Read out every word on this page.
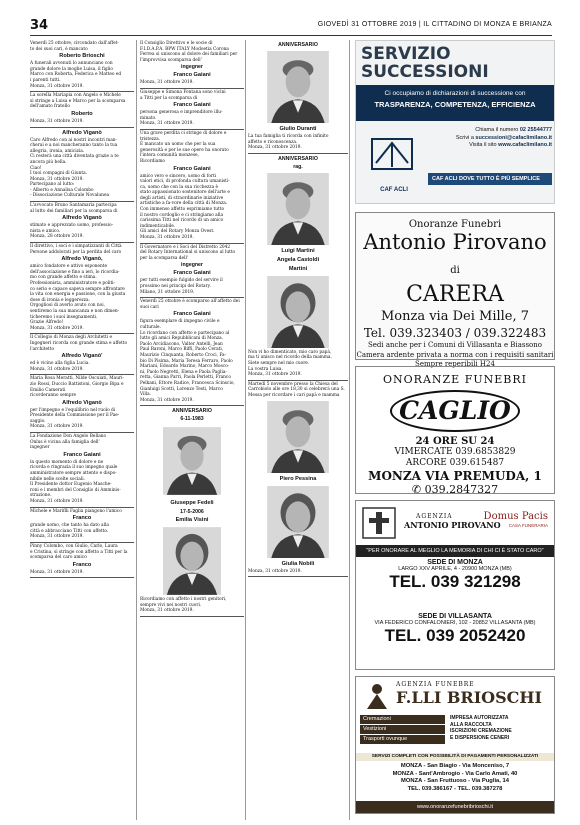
34	GIOVEDÌ 31 OTTOBRE 2019 | IL CITTADINO DI MONZA E BRIANZA
Venerdì 25 ottobre, circondato dall'affet-
to dei suoi cari, è mancato
Roberto Brioschi
A funerali avvenuti lo annunciano con
grande dolore la moglie Luisa, il figlio
Marco con Roberta, Federica e Matteo ed
i parenti tutti.
Monza, 31 ottobre 2019.
La sorella Mariapia con Angelo e Michele
si stringe a Luisa e Marco per la scomparsa
dell'amato fratello
Roberto
Monza, 31 ottobre 2019.
Alfredo Viganò
Caro Alfredo con ai nostri incontri man-
cherai e a noi mancheranno tanto la tua
allegria, ironia, amicizia.
Ci resterà una città diventata grazie a te
ancora più bella.
Ciao!
I tuoi compagni di Giunta.
Monza, 31 ottobre 2019.
Partecipano al lutto:
- Alberto e Annalisa Colombo
- Dissociazione Culturale Novalunea
L'avvocato Bruno Santamaria partecipa
al lutto dei familiari per la scomparsa di
Alfredo Viganò
stimato e apprezzato uomo, professio-
nista e amico.
Monza, 28 ottobre 2019.
Il direttivo, i soci e i simpatizzanti di Città
Persone addolorati per la perdita del caro
Alfredo Viganò,
amico fondatore e attivo esponente
dell'associazione e fino a ieri, lo ricordia-
mo con grande affetto e stima.
Professionista, amministratore e politi-
co serio e capace sapeva sempre affrontare
la vita con energia e passione, con la giusta
dose di ironia e leggerezza.
Orgogliosi di averlo avuto con noi,
sentiremo la sua mancanza e non dimen-
ticheremo i suoi insegnamenti.
Grazie Alfredo!
Monza, 31 ottobre 2019.
Il Collegio di Monza degli Architetti e
Ingegneri ricorda con grande stima e affetto
l'architetto
Alfredo Viganò'
ed è vicino alla figlia Lucia.
Monza, 31 ottobre 2019.
Maria Rosa Meratti, Nilde Oscuiati, Mauri-
zio Rossi, Duccio Battistoni, Giorgio Bipa e
Emilio Camerati
ricorderanno sempre
Alfredo Viganò
per l'impegno e l'equilibrio nel ruolo di
Presidente della Commissione per il Pae-
saggio.
Monza, 31 ottobre 2019.
La Fondazione Don Angelo Bellano
Onlus è vicina alla famiglia dell'
ingegner
Franco Gaiani
in questo momento di dolore e ne
ricorda e ringrazia il suo impegno quale
amministratore sempre attento e dispo-
nibile nelle scelte sociali.
Il Presidente dottor Eugenio Masche-
roni e i membri del Consiglio di Amminis-
strazione.
Monza, 31 ottobre 2019.
Michele e Mariflli Faglia piangono l'amico
Franco
grande uomo, che tanto ha dato alla
città e abbracciano Titti con affetto.
Monza, 31 ottobre 2019.
Pinny Colombo, con Giulio, Carlo, Laura
e Cristina, si stringe con affetto a Titti per la
scomparsa del caro amico
Franco
Monza, 31 ottobre 2019.
Il Consiglio Direttivo e le socie di
F.I.D.A.P.A. BPW ITALY Modoetia Corona
Ferrea si uniscono al dolore dei familiari per
l'improvvisa scomparsa dell'
ingegner
Franco Gaiani
Monza, 31 ottobre 2019.
Giuseppe e Simona Fontana sono vicini
a Titti per la scomparsa di
Franco Gaiani
persona generosa e imprenditore illu-
minato.
Monza, 31 ottobre 2019.
Una grave perdita ci stringe di dolore e
tristezza.
È mancato un uomo che per la sua
generosità e per le sue opere ha onorato
l'intera comunità monzese,
Ricordiamo
Franco Gaiani
amico vero e sincero, uomo di forti
valori etici, di profonda cultura umanisti-
ca, uomo che con la sua ricchezza è
stato appassionato sostenitore dell'arte e
degli artisti, di straordinarie iniziative
artistiche a fa-vore della città di Monza.
Con immenso affetto esprimiamo tutto
il nostro cordoglio e ci stringiamo alla
carissima Titti nel ricordo di un amico
indimenticabile.
Gli amici del Rotary Monza Ovest.
Monza, 31 ottobre 2019.
Il Governatore e i Soci del Distretto 2042
del Rotary International si uniscono al lutto
per la scomparsa dell'
ingegner
Franco Gaiani
per tutti esempio fulgido del servire il
prossimo nei principi del Rotary.
Milano, 31 ottobre 2019.
Venerdì 25 ottobre è scomparso all'affetto dei
suoi cari
Franco Gaiani
figura esemplare di impegno civile e
culturale.
Lo ricordano con affetto e partecipano al
lutto gli amici Repubblicani di Monza.
Paolo Arcidiacono, Valter Antelli, Jean
Paul Baroni, Marco Biffi, Paolo Cerati,
Maurizio Cinquanta, Roberto Croci, Fa-
bio Di Pisima, Maria Teresa Ferraro, Paolo
Mariani, Edoardo Marino, Marco Mosco-
ni, Paolo Negretti, Elena e Paola Paglia-
retta, Gianna Parri, Paola Perletti, Franco
Pelkani, Ettore Radice, Francesca Scinscio,
Gianluigi Scotti, Lorenzo Testi, Marco
Villa.
Monza, 31 ottobre 2019.
ANNIVERSARIO
6-11-1983
Giuseppe Fedeli
17-5-2006
Emilia Visini
Ricordiamo con affetto i nostri genitori,
sempre vivi nei nostri cuori.
Monza, 31 ottobre 2019.
ANNIVERSARIO
Giulio Duranti
La tua famiglia ti ricorda con infinito
affetto e riconoscenza.
Monza, 31 ottobre 2019.
ANNIVERSARIO
rag.
Luigi Martini
Angela Castoldi
Martini
Non vi ho dimenticato, mio caro papà,
ma ti unisco nel ricordo della mamma.
Siete sempre nel mio cuore.
La vostra Luisa.
Monza, 31 ottobre 2019.
Martedì 5 novembre presso la Chiesa del
Carrobiolo alle ore 18,30 si celebrerà una S.
Messa per ricordare i cari papà e mamma
Piero Pessina
Giulia Nobili
Monza, 31 ottobre 2019.
SERVIZIO
SUCCESSIONI
Ci occupiamo di dichiarazioni di successione con
TRASPARENZA, COMPETENZA, EFFICIENZA
CAF ACLI
Chiama il numero 02 25544777
Scrivi a successioni@cafaclimilano.it
Visita il sito www.cafaclimilano.it
CAF ACLI DOVE TUTTO È PIÙ SEMPLICE
Onoranze Funebri
Antonio Pirovano di
CARERA
Monza via Dei Mille, 7
Tel. 039.323403 / 039.322483
Sedi anche per i Comuni di Villasanta e Biassono
Camera ardente privata a norma con i requisiti sanitari
Sempre reperibili H24
ONORANZE FUNEBRI
CAGLIO
24 ORE SU 24
VIMERCATE 039.6853829
ARCORE 039.615487
MONZA VIA PREMUDA, 1
✆ 039.2847327
AGENZIA
ANTONIO PIROVANO
Domus Pacis
CASA FUNERARIA
"PER ONORARE AL MEGLIO LA MEMORIA DI CHI CI È STATO CARO"
SEDE DI MONZA
LARGO XXV APRILE, 4 - 20900 MONZA (MB)
TEL. 039 321298
SEDE DI VILLASANTA
VIA FEDERICO CONFALONIERI, 102 - 20852 VILLASANTA (MB)
TEL. 039 2052420
AGENZIA FUNEBRE
F.LLI BRIOSCHI
Cremazioni
Vestizioni
Trasporti ovunque
IMPRESA AUTORIZZATA
ALLA RACCOLTA
ISCRIZIONI CREMAZIONE
E DISPERSIONE CENERI
SERVIZI COMPLETI CON POSSIBILITÀ DI PAGAMENTI PERSONALIZZATI
MONZA - San Biagio - Via Monceniso, 7
MONZA - Sant'Ambrogio - Via Carlo Amati, 40
MONZA - San Fruttuoso - Via Puglia, 14
TEL. 039.386167 - TEL. 039.387278
www.onoranzefunebribrioschi.it
